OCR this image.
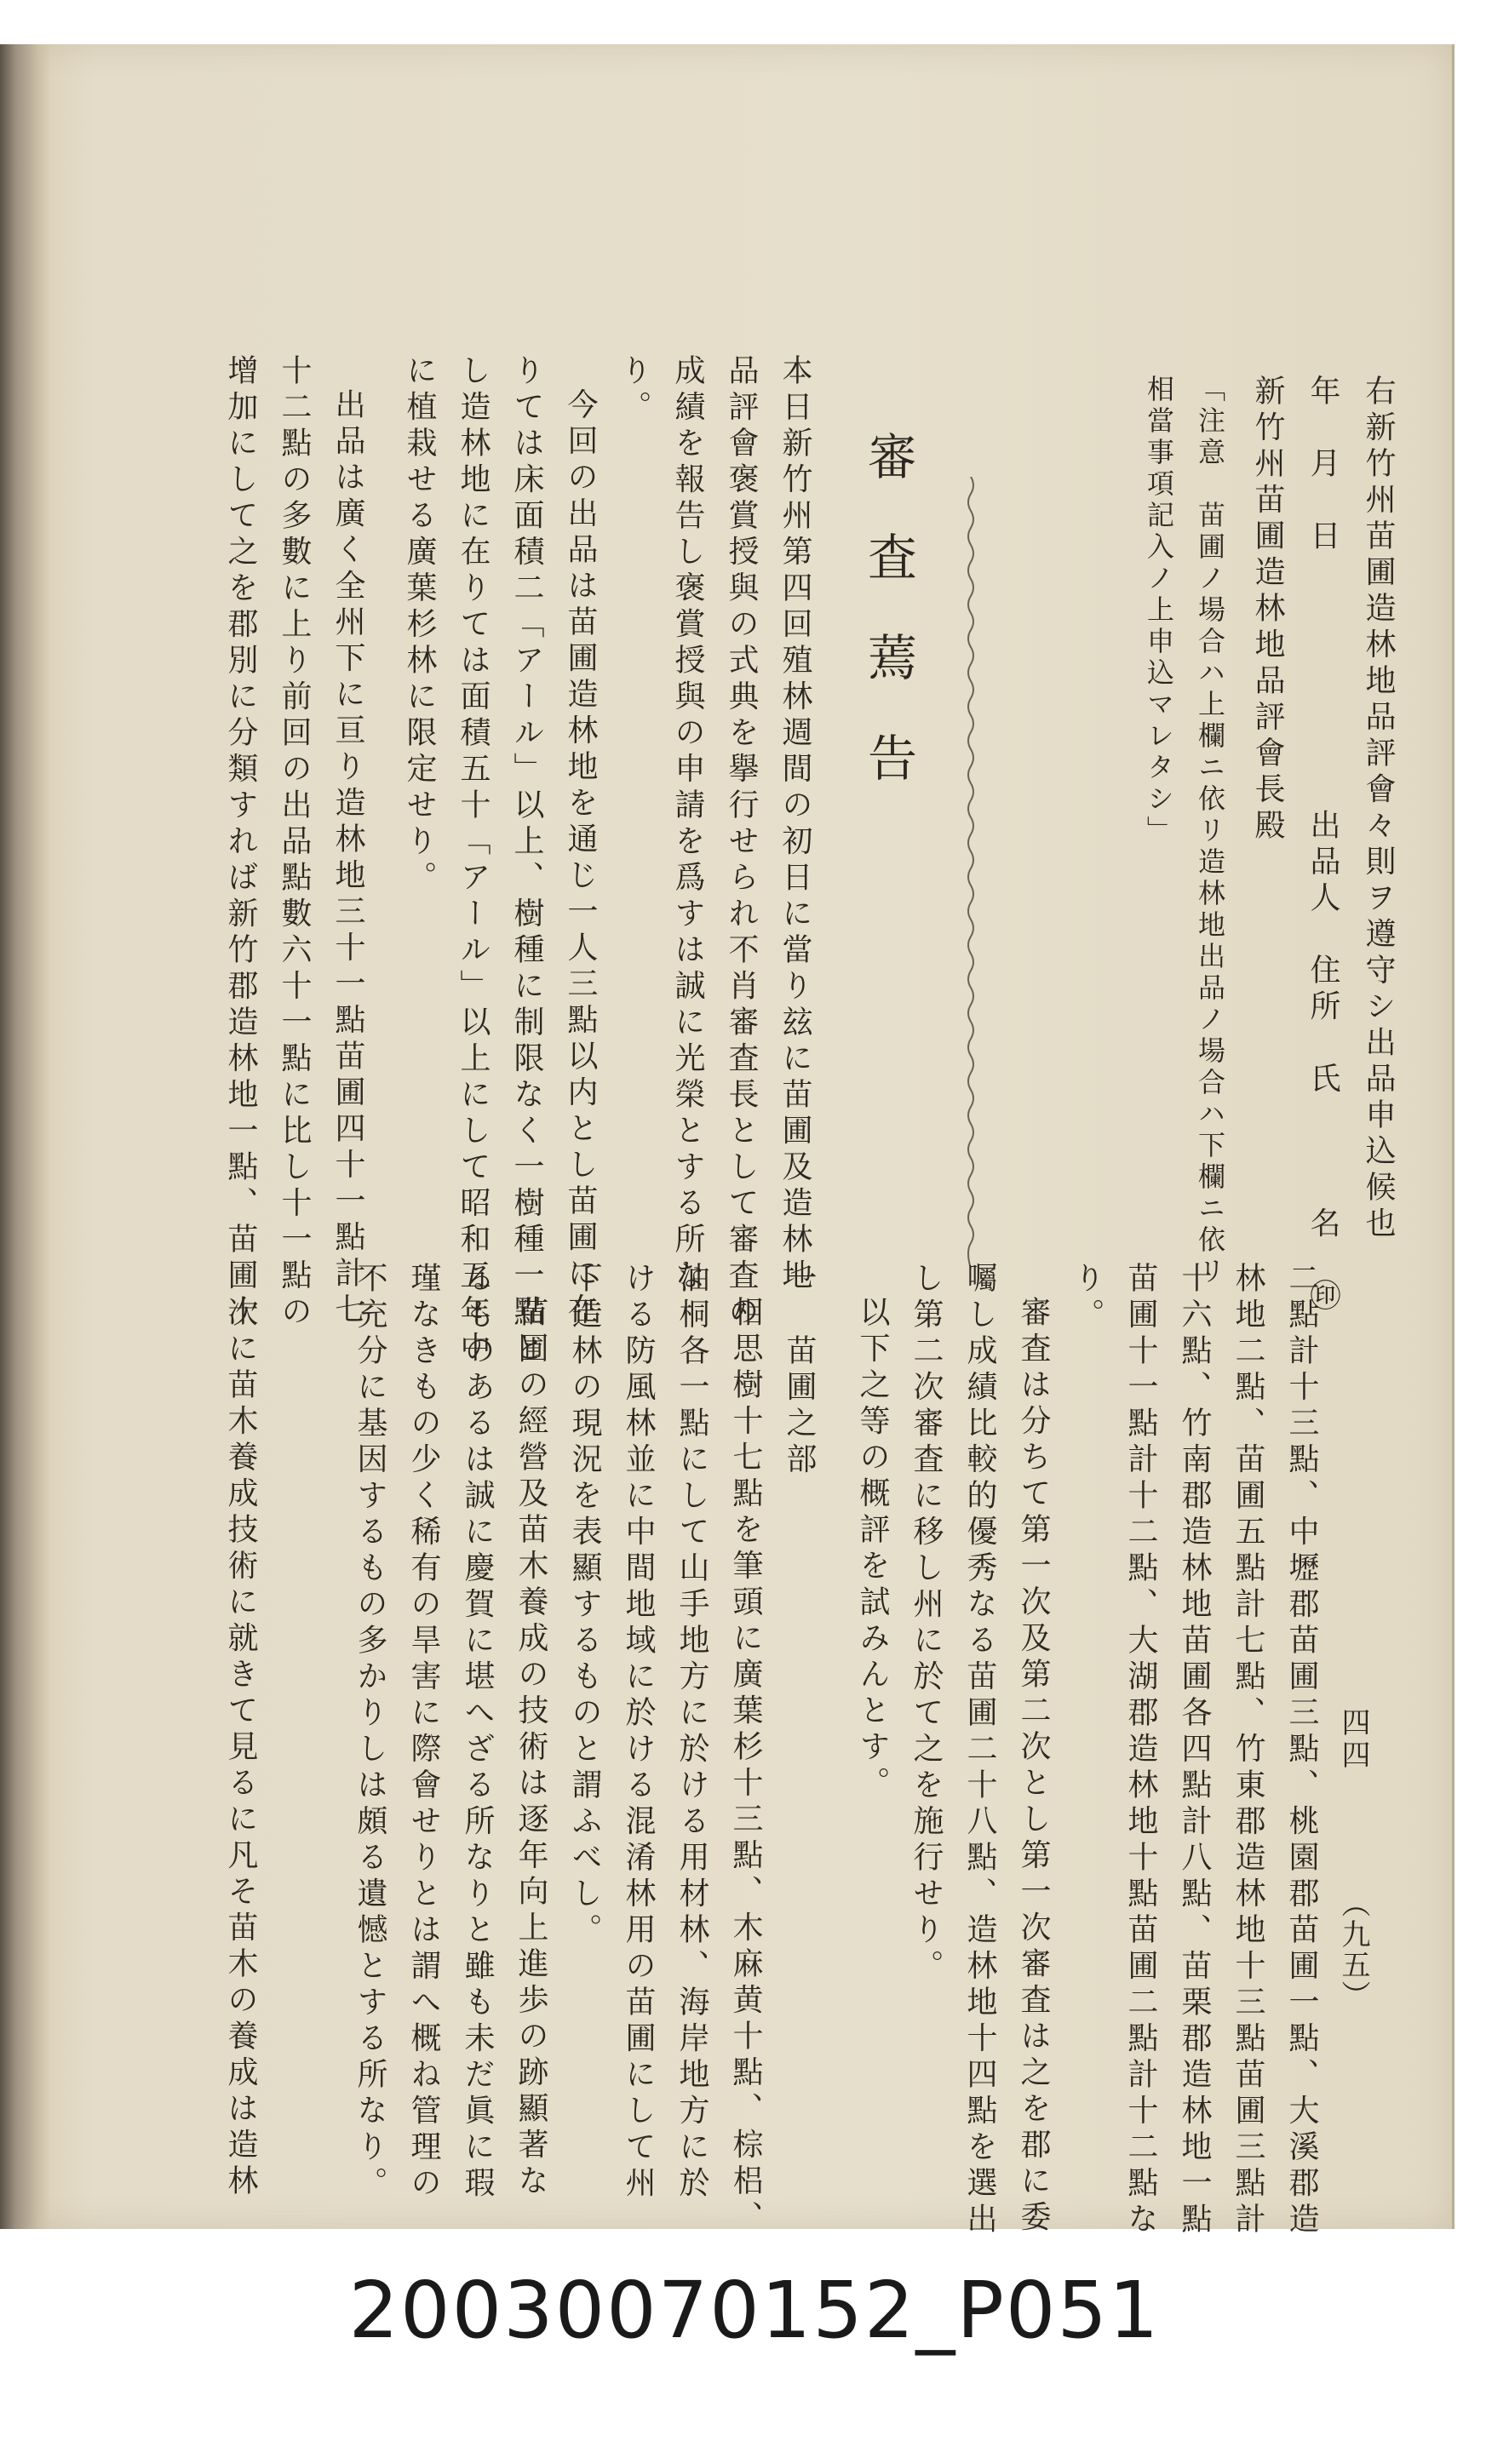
右新竹州苗圃造林地品評會々則ヲ遵守シ出品申込候也

年　月　日　　　　　　　出品人　住所　氏　　　名　㊞

新竹州苗圃造林地品評會長殿

「注意　苗圃ノ場合ハ上欄ニ依リ造林地出品ノ場合ハ下欄ニ依リ

相當事項記入ノ上申込マレタシ」

審査蔫告

本日新竹州第四回殖林週間の初日に當り玆に苗圃及造林地

品評會褒賞授與の式典を擧行せられ不肖審査長として審査の

成績を報告し褒賞授與の申請を爲すは誠に光榮とする所な

り。

今回の出品は苗圃造林地を通じ一人三點以内とし苗圃に在

りては床面積二「アール」以上、樹種に制限なく一樹種一點と

し造林地に在りては面積五十「アール」以上にして昭和五年中

に植栽せる廣葉杉林に限定せり。

出品は廣く全州下に亘り造林地三十一點苗圃四十一點計七

十二點の多數に上り前回の出品點數六十一點に比し十一點の

增加にして之を郡別に分類すれば新竹郡造林地一點、苗圃十

二點計十三點、中壢郡苗圃三點、桃園郡苗圃一點、大溪郡造

林地二點、苗圃五點計七點、竹東郡造林地十三點苗圃三點計

十六點、竹南郡造林地苗圃各四點計八點、苗栗郡造林地一點

苗圃十一點計十二點、大湖郡造林地十點苗圃二點計十二點な

り。

審査は分ちて第一次及第二次とし第一次審査は之を郡に委

囑し成績比較的優秀なる苗圃二十八點、造林地十四點を選出

し第二次審査に移し州に於て之を施行せり。

以下之等の概評を試みんとす。

一　苗圃之部

相思樹十七點を筆頭に廣葉杉十三點、木麻黄十點、棕梠、

油桐各一點にして山手地方に於ける用材林、海岸地方に於

ける防風林並に中間地域に於ける混淆林用の苗圃にして州

下造林の現況を表顯するものと謂ふべし。

苗圃の經營及苗木養成の技術は逐年向上進歩の跡顯著な

るものあるは誠に慶賀に堪へざる所なりと雖も未だ眞に瑕

瑾なきもの少く稀有の旱害に際會せりとは謂へ概ね管理の

不充分に基因するもの多かりしは頗る遺憾とする所なり。

次に苗木養成技術に就きて見るに凡そ苗木の養成は造林	四四
（九五）
20030070152_P051
